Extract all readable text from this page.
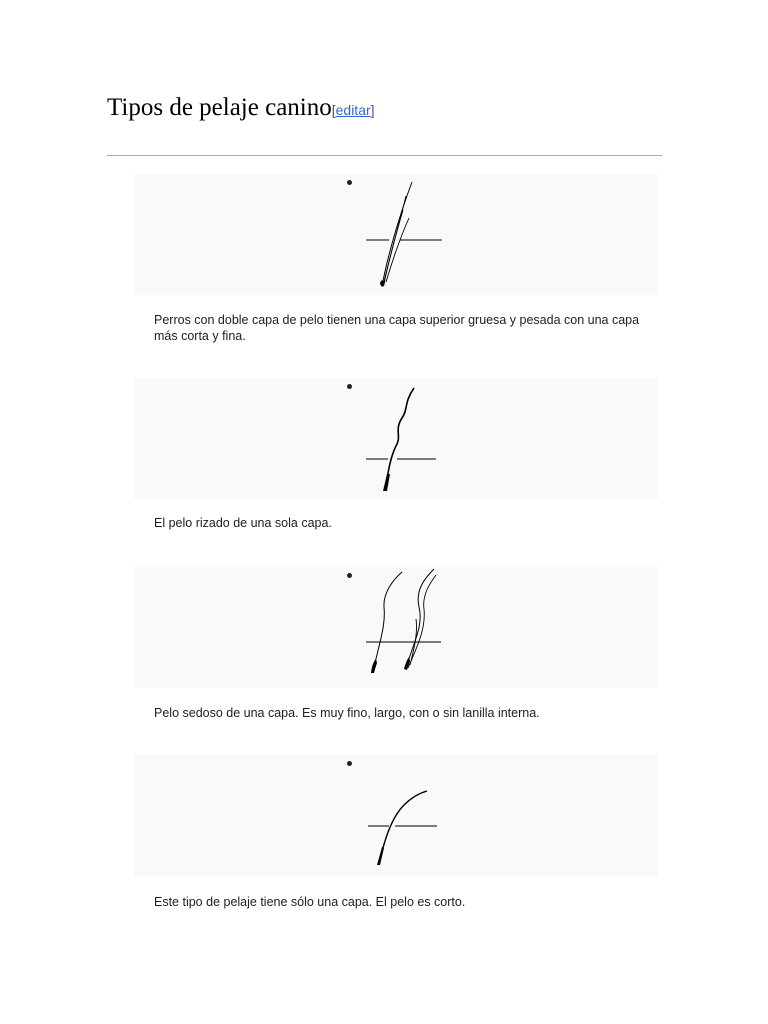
Tipos de pelaje canino[editar]
Perros con doble capa de pelo tienen una capa superior gruesa y pesada con una capa más corta y fina.
El pelo rizado de una sola capa.
Pelo sedoso de una capa. Es muy fino, largo, con o sin lanilla interna.
Este tipo de pelaje tiene sólo una capa. El pelo es corto.
